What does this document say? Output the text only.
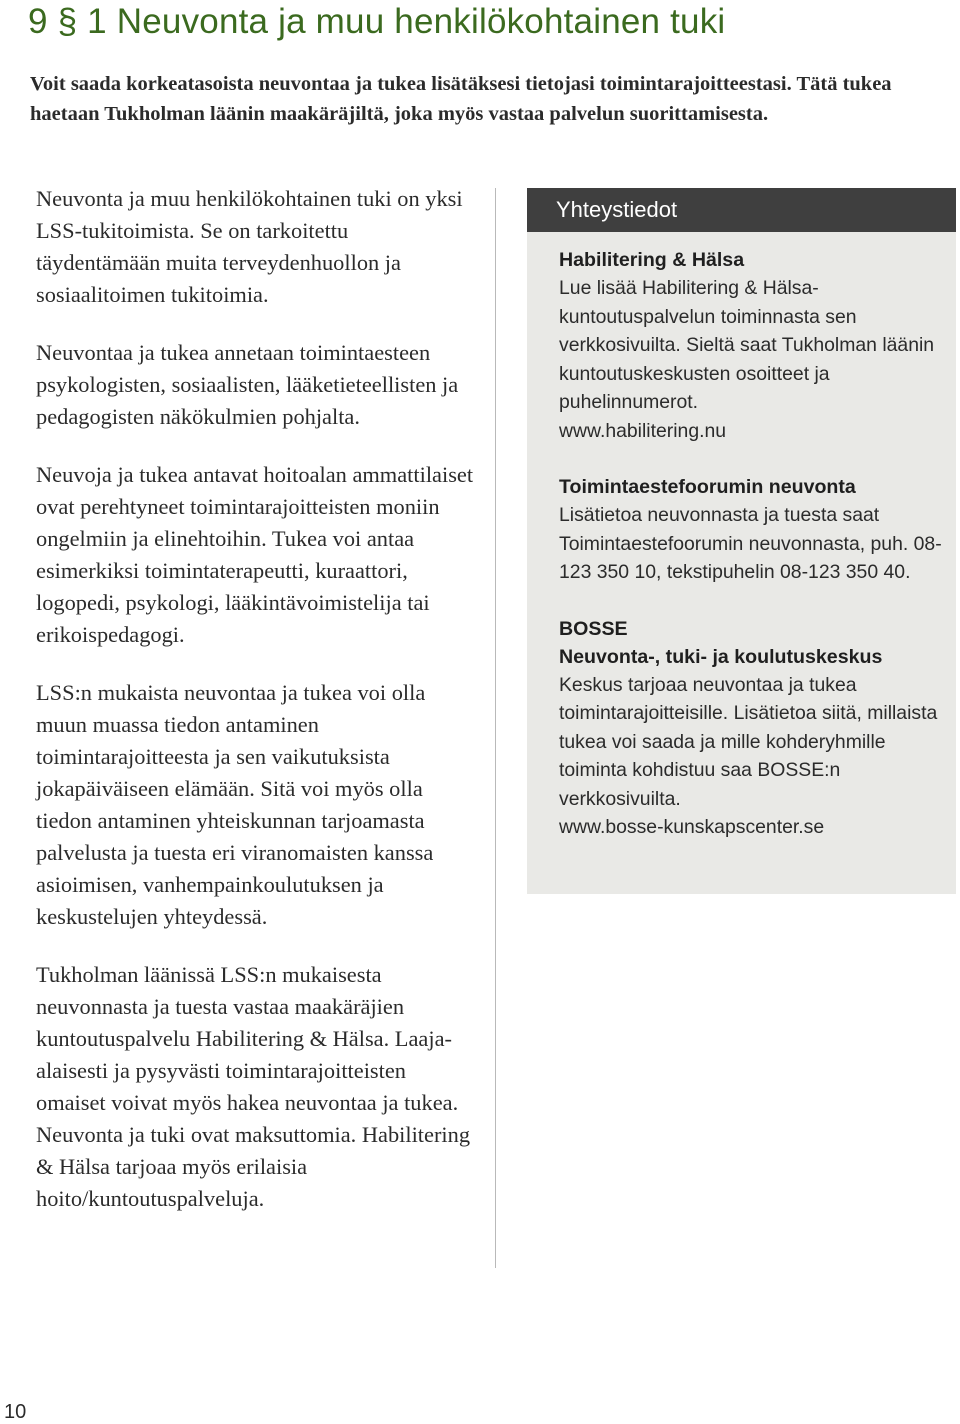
9 § 1 Neuvonta ja muu henkilökohtainen tuki

Voit saada korkeatasoista neuvontaa ja tukea lisätäksesi tietojasi toimintarajoitteestasi. Tätä tukea haetaan Tukholman läänin maakäräjiltä, joka myös vastaa palvelun suorittamisesta.

Neuvonta ja muu henkilökohtainen tuki on yksi LSS-tukitoimista. Se on tarkoitettu täydentämään muita terveydenhuollon ja sosiaalitoimen tukitoimia.

Neuvontaa ja tukea annetaan toimintaesteen psykologisten, sosiaalisten, lääketieteellisten ja pedagogisten näkökulmien pohjalta.

Neuvoja ja tukea antavat hoitoalan ammattilaiset ovat perehtyneet toimintarajoitteisten moniin ongelmiin ja elinehtoihin. Tukea voi antaa esimerkiksi toimintaterapeutti, kuraattori, logopedi, psykologi, lääkintävoimistelija tai erikoispedagogi.

LSS:n mukaista neuvontaa ja tukea voi olla muun muassa tiedon antaminen toimintarajoitteesta ja sen vaikutuksista jokapäiväiseen elämään. Sitä voi myös olla tiedon antaminen yhteiskunnan tarjoamasta palvelusta ja tuesta eri viranomaisten kanssa asioimisen, vanhempainkoulutuksen ja keskustelujen yhteydessä.

Tukholman läänissä LSS:n mukaisesta neuvonnasta ja tuesta vastaa maakäräjien kuntoutuspalvelu Habilitering & Hälsa. Laaja-alaisesti ja pysyvästi toimintarajoitteisten omaiset voivat myös hakea neuvontaa ja tukea. Neuvonta ja tuki ovat maksuttomia. Habilitering & Hälsa tarjoaa myös erilaisia hoito/kuntoutuspalveluja.

Yhteystiedot
Habilitering & Hälsa

Lue lisää Habilitering & Hälsa-kuntoutuspalvelun toiminnasta sen verkkosivuilta. Sieltä saat Tukholman läänin kuntoutuskeskusten osoitteet ja puhelinnumerot.

www.habilitering.nu

Toimintaestefoorumin neuvonta

Lisätietoa neuvonnasta ja tuesta saat Toimintaestefoorumin neuvonnasta, puh. 08-123 350 10, tekstipuhelin 08-123 350 40.

BOSSE
Neuvonta-, tuki- ja koulutuskeskus

Keskus tarjoaa neuvontaa ja tukea toimintarajoitteisille. Lisätietoa siitä, millaista tukea voi saada ja mille kohderyhmille toiminta kohdistuu saa BOSSE:n verkkosivuilta.

www.bosse-kunskapscenter.se

10
